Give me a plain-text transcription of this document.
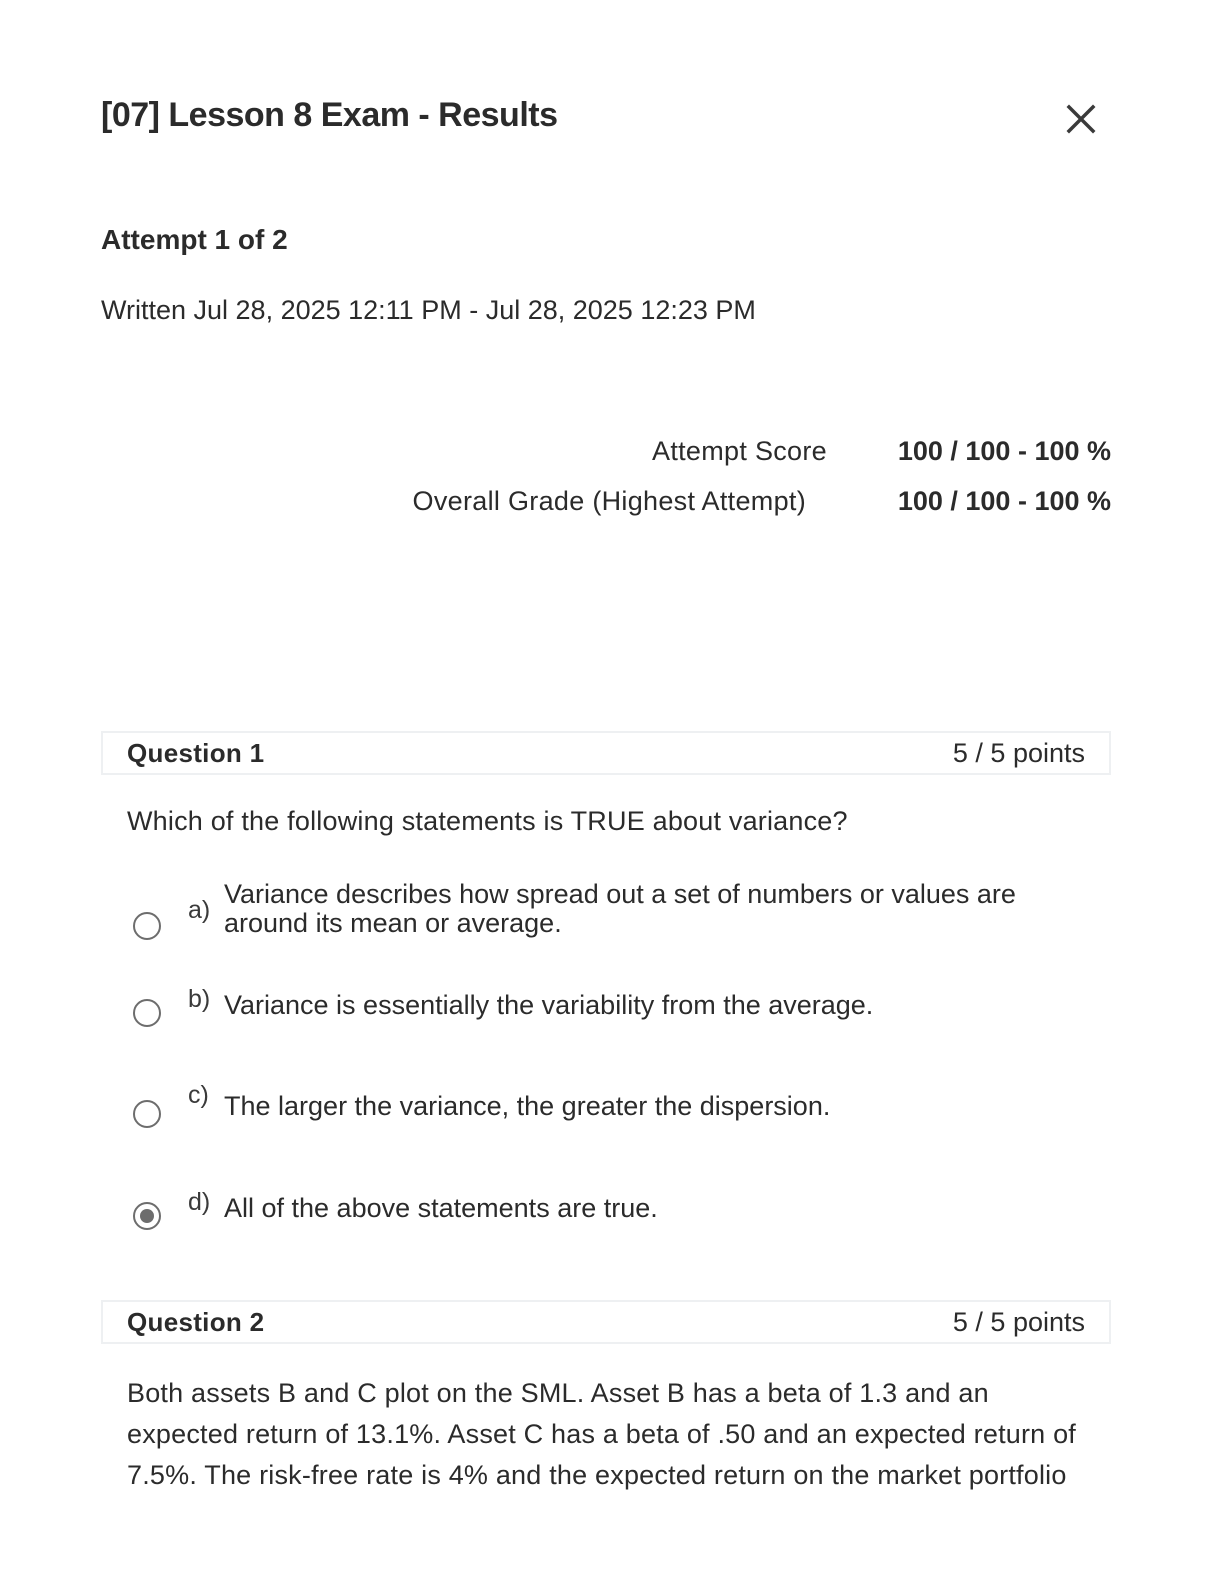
[07] Lesson 8 Exam - Results
Attempt 1 of 2
Written Jul 28, 2025 12:11 PM - Jul 28, 2025 12:23 PM
Attempt Score	100 / 100 - 100 %
Overall Grade (Highest Attempt)	100 / 100 - 100 %
Question 1	5 / 5 points
Which of the following statements is TRUE about variance?
a)
Variance describes how spread out a set of numbers or values are around its mean or average.
b) Variance is essentially the variability from the average.
c) The larger the variance, the greater the dispersion.
d) All of the above statements are true.
Question 2	5 / 5 points
Both assets B and C plot on the SML. Asset B has a beta of 1.3 and an expected return of 13.1%. Asset C has a beta of .50 and an expected return of 7.5%. The risk-free rate is 4% and the expected return on the market portfolio
